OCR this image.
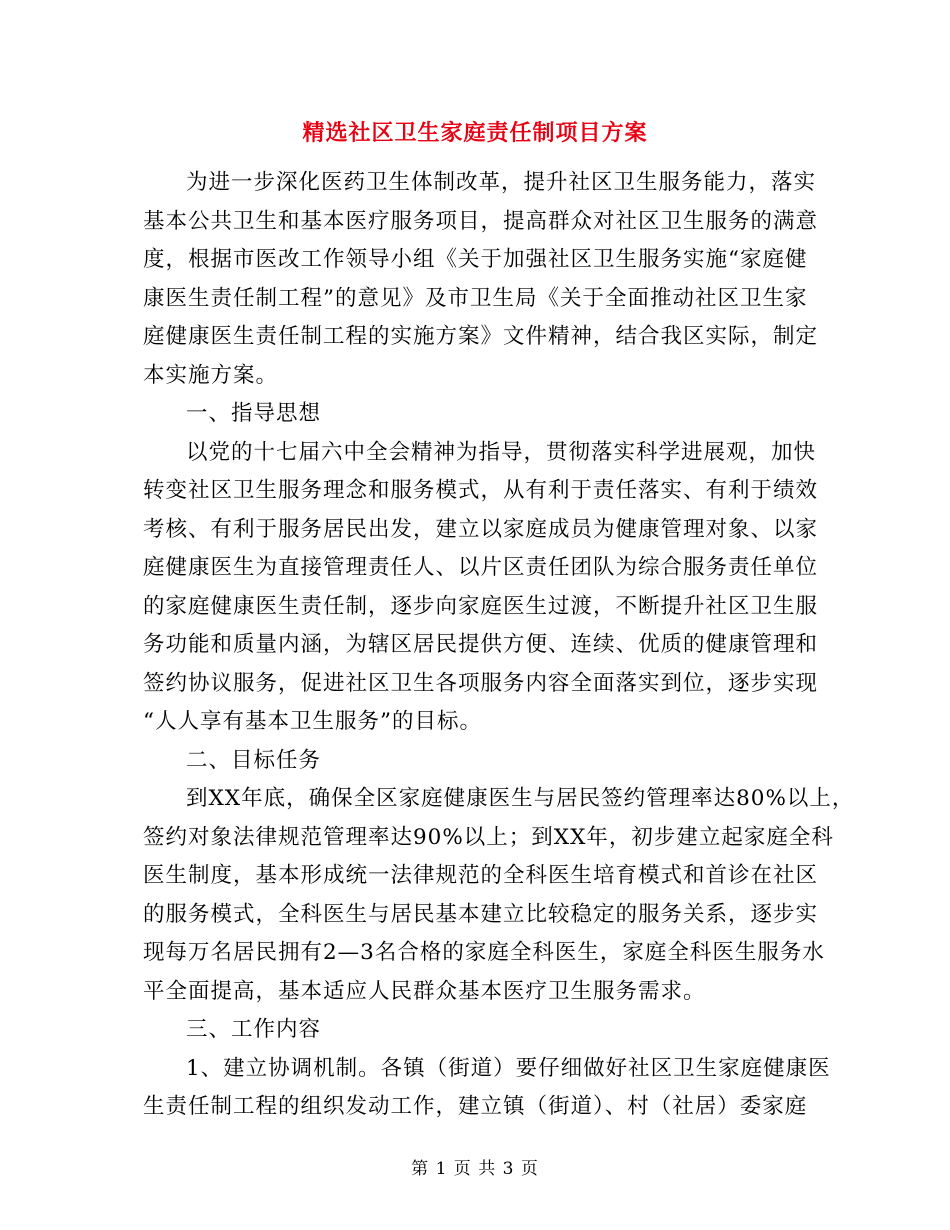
精选社区卫生家庭责任制项目方案
为进一步深化医药卫生体制改革，提升社区卫生服务能力，落实
基本公共卫生和基本医疗服务项目，提高群众对社区卫生服务的满意
度，根据市医改工作领导小组《关于加强社区卫生服务实施“家庭健
康医生责任制工程”的意见》及市卫生局《关于全面推动社区卫生家
庭健康医生责任制工程的实施方案》文件精神，结合我区实际，制定
本实施方案。
一、指导思想
以党的十七届六中全会精神为指导，贯彻落实科学进展观，加快
转变社区卫生服务理念和服务模式，从有利于责任落实、有利于绩效
考核、有利于服务居民出发，建立以家庭成员为健康管理对象、以家
庭健康医生为直接管理责任人、以片区责任团队为综合服务责任单位
的家庭健康医生责任制，逐步向家庭医生过渡，不断提升社区卫生服
务功能和质量内涵，为辖区居民提供方便、连续、优质的健康管理和
签约协议服务，促进社区卫生各项服务内容全面落实到位，逐步实现
“人人享有基本卫生服务”的目标。
二、目标任务
到XX年底，确保全区家庭健康医生与居民签约管理率达80%以上，
签约对象法律规范管理率达90%以上；到XX年，初步建立起家庭全科
医生制度，基本形成统一法律规范的全科医生培育模式和首诊在社区
的服务模式，全科医生与居民基本建立比较稳定的服务关系，逐步实
现每万名居民拥有2—3名合格的家庭全科医生，家庭全科医生服务水
平全面提高，基本适应人民群众基本医疗卫生服务需求。
三、工作内容
1、建立协调机制。各镇（街道）要仔细做好社区卫生家庭健康医
生责任制工程的组织发动工作，建立镇（街道）、村（社居）委家庭
第 1 页 共 3 页
